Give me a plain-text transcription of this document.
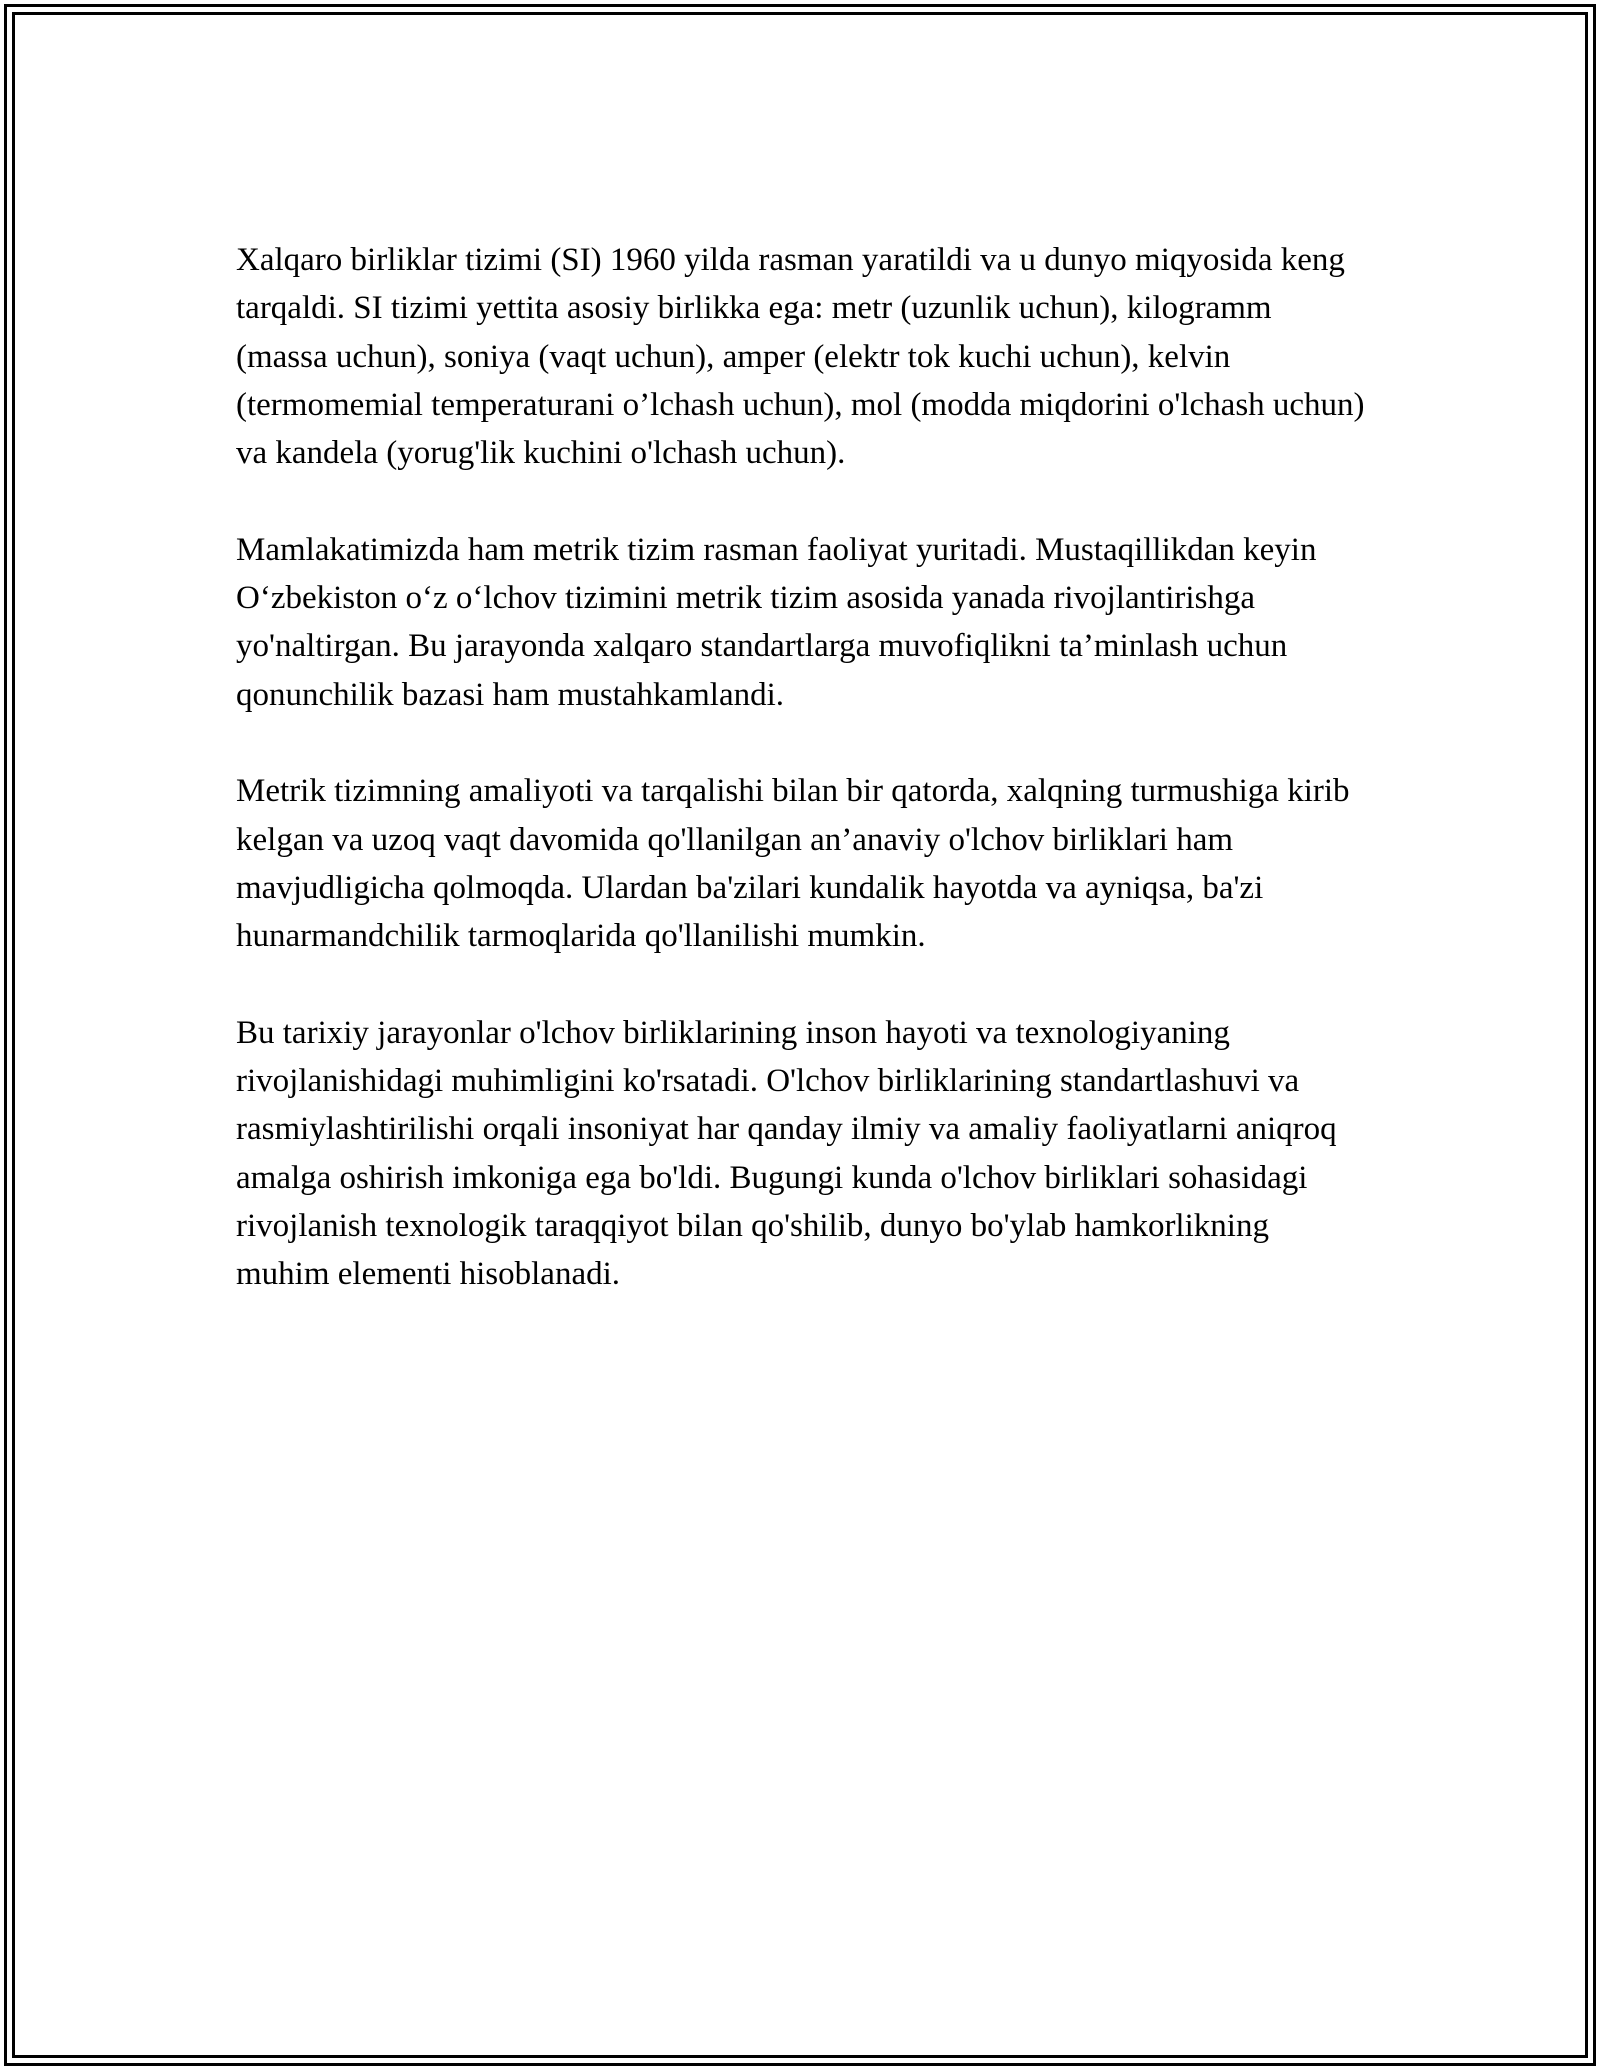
Xalqaro birliklar tizimi (SI) 1960 yilda rasman yaratildi va u dunyo miqyosida keng tarqaldi. SI tizimi yettita asosiy birlikka ega: metr (uzunlik uchun), kilogramm (massa uchun), soniya (vaqt uchun), amper (elektr tok kuchi uchun), kelvin (termomemial temperaturani o’lchash uchun), mol (modda miqdorini o'lchash uchun) va kandela (yorug'lik kuchini o'lchash uchun).

Mamlakatimizda ham metrik tizim rasman faoliyat yuritadi. Mustaqillikdan keyin O‘zbekiston o‘z o‘lchov tizimini metrik tizim asosida yanada rivojlantirishga yo'naltirgan. Bu jarayonda xalqaro standartlarga muvofiqlikni ta’minlash uchun qonunchilik bazasi ham mustahkamlandi.

Metrik tizimning amaliyoti va tarqalishi bilan bir qatorda, xalqning turmushiga kirib kelgan va uzoq vaqt davomida qo'llanilgan an’anaviy o'lchov birliklari ham mavjudligicha qolmoqda. Ulardan ba'zilari kundalik hayotda va ayniqsa, ba'zi hunarmandchilik tarmoqlarida qo'llanilishi mumkin.

Bu tarixiy jarayonlar o'lchov birliklarining inson hayoti va texnologiyaning rivojlanishidagi muhimligini ko'rsatadi. O'lchov birliklarining standartlashuvi va rasmiylashtirilishi orqali insoniyat har qanday ilmiy va amaliy faoliyatlarni aniqroq amalga oshirish imkoniga ega bo'ldi. Bugungi kunda o'lchov birliklari sohasidagi rivojlanish texnologik taraqqiyot bilan qo'shilib, dunyo bo'ylab hamkorlikning muhim elementi hisoblanadi.
